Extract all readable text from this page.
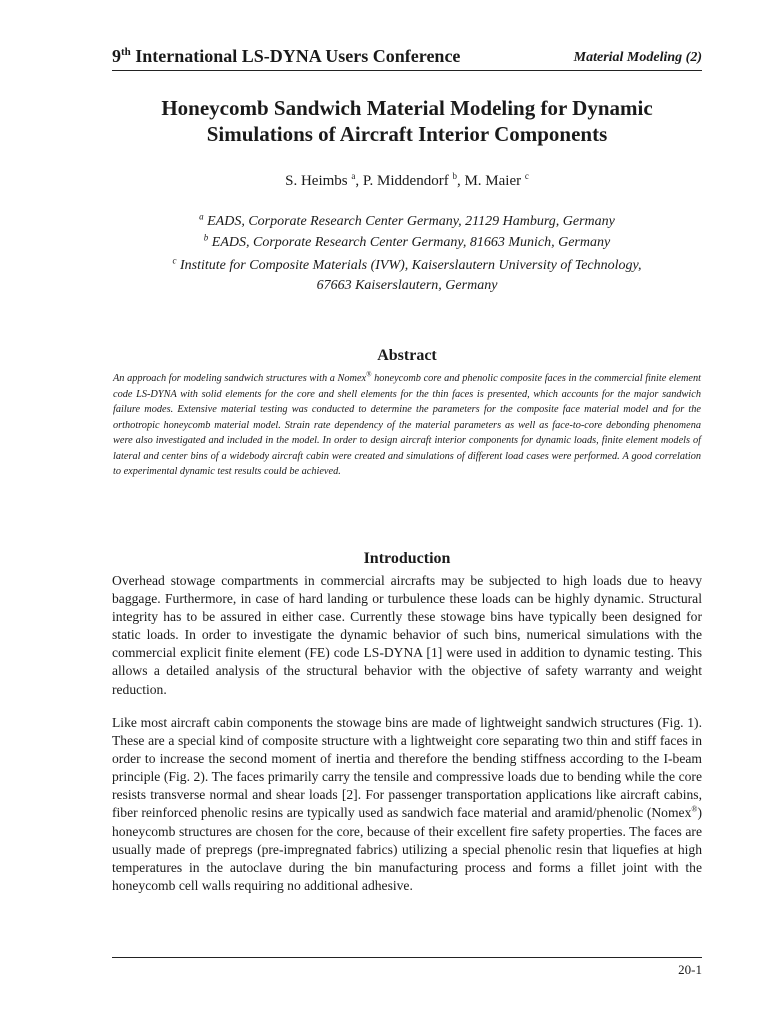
9th International LS-DYNA Users Conference	Material Modeling (2)
Honeycomb Sandwich Material Modeling for Dynamic
Simulations of Aircraft Interior Components
S. Heimbs $^a$, P. Middendorf $^b$, M. Maier $^c$
$^a$ EADS, Corporate Research Center Germany, 21129 Hamburg, Germany
$^b$ EADS, Corporate Research Center Germany, 81663 Munich, Germany
$^c$ Institute for Composite Materials (IVW), Kaiserslautern University of Technology,
67663 Kaiserslautern, Germany
Abstract
An approach for modeling sandwich structures with a Nomex® honeycomb core and phenolic composite faces in the commercial finite element code LS-DYNA with solid elements for the core and shell elements for the thin faces is presented, which accounts for the major sandwich failure modes. Extensive material testing was conducted to determine the parameters for the composite face material model and for the orthotropic honeycomb material model. Strain rate dependency of the material parameters as well as face-to-core debonding phenomena were also investigated and included in the model. In order to design aircraft interior components for dynamic loads, finite element models of lateral and center bins of a widebody aircraft cabin were created and simulations of different load cases were performed. A good correlation to experimental dynamic test results could be achieved.
Introduction
Overhead stowage compartments in commercial aircrafts may be subjected to high loads due to heavy baggage. Furthermore, in case of hard landing or turbulence these loads can be highly dynamic. Structural integrity has to be assured in either case. Currently these stowage bins have typically been designed for static loads. In order to investigate the dynamic behavior of such bins, numerical simulations with the commercial explicit finite element (FE) code LS-DYNA [1] were used in addition to dynamic testing. This allows a detailed analysis of the structural behavior with the objective of safety warranty and weight reduction.
Like most aircraft cabin components the stowage bins are made of lightweight sandwich structures (Fig. 1). These are a special kind of composite structure with a lightweight core separating two thin and stiff faces in order to increase the second moment of inertia and therefore the bending stiffness according to the I-beam principle (Fig. 2). The faces primarily carry the tensile and compressive loads due to bending while the core resists transverse normal and shear loads [2]. For passenger transportation applications like aircraft cabins, fiber reinforced phenolic resins are typically used as sandwich face material and aramid/phenolic (Nomex®) honeycomb structures are chosen for the core, because of their excellent fire safety properties. The faces are usually made of prepregs (pre-impregnated fabrics) utilizing a special phenolic resin that liquefies at high temperatures in the autoclave during the bin manufacturing process and forms a fillet joint with the honeycomb cell walls requiring no additional adhesive.
20-1
